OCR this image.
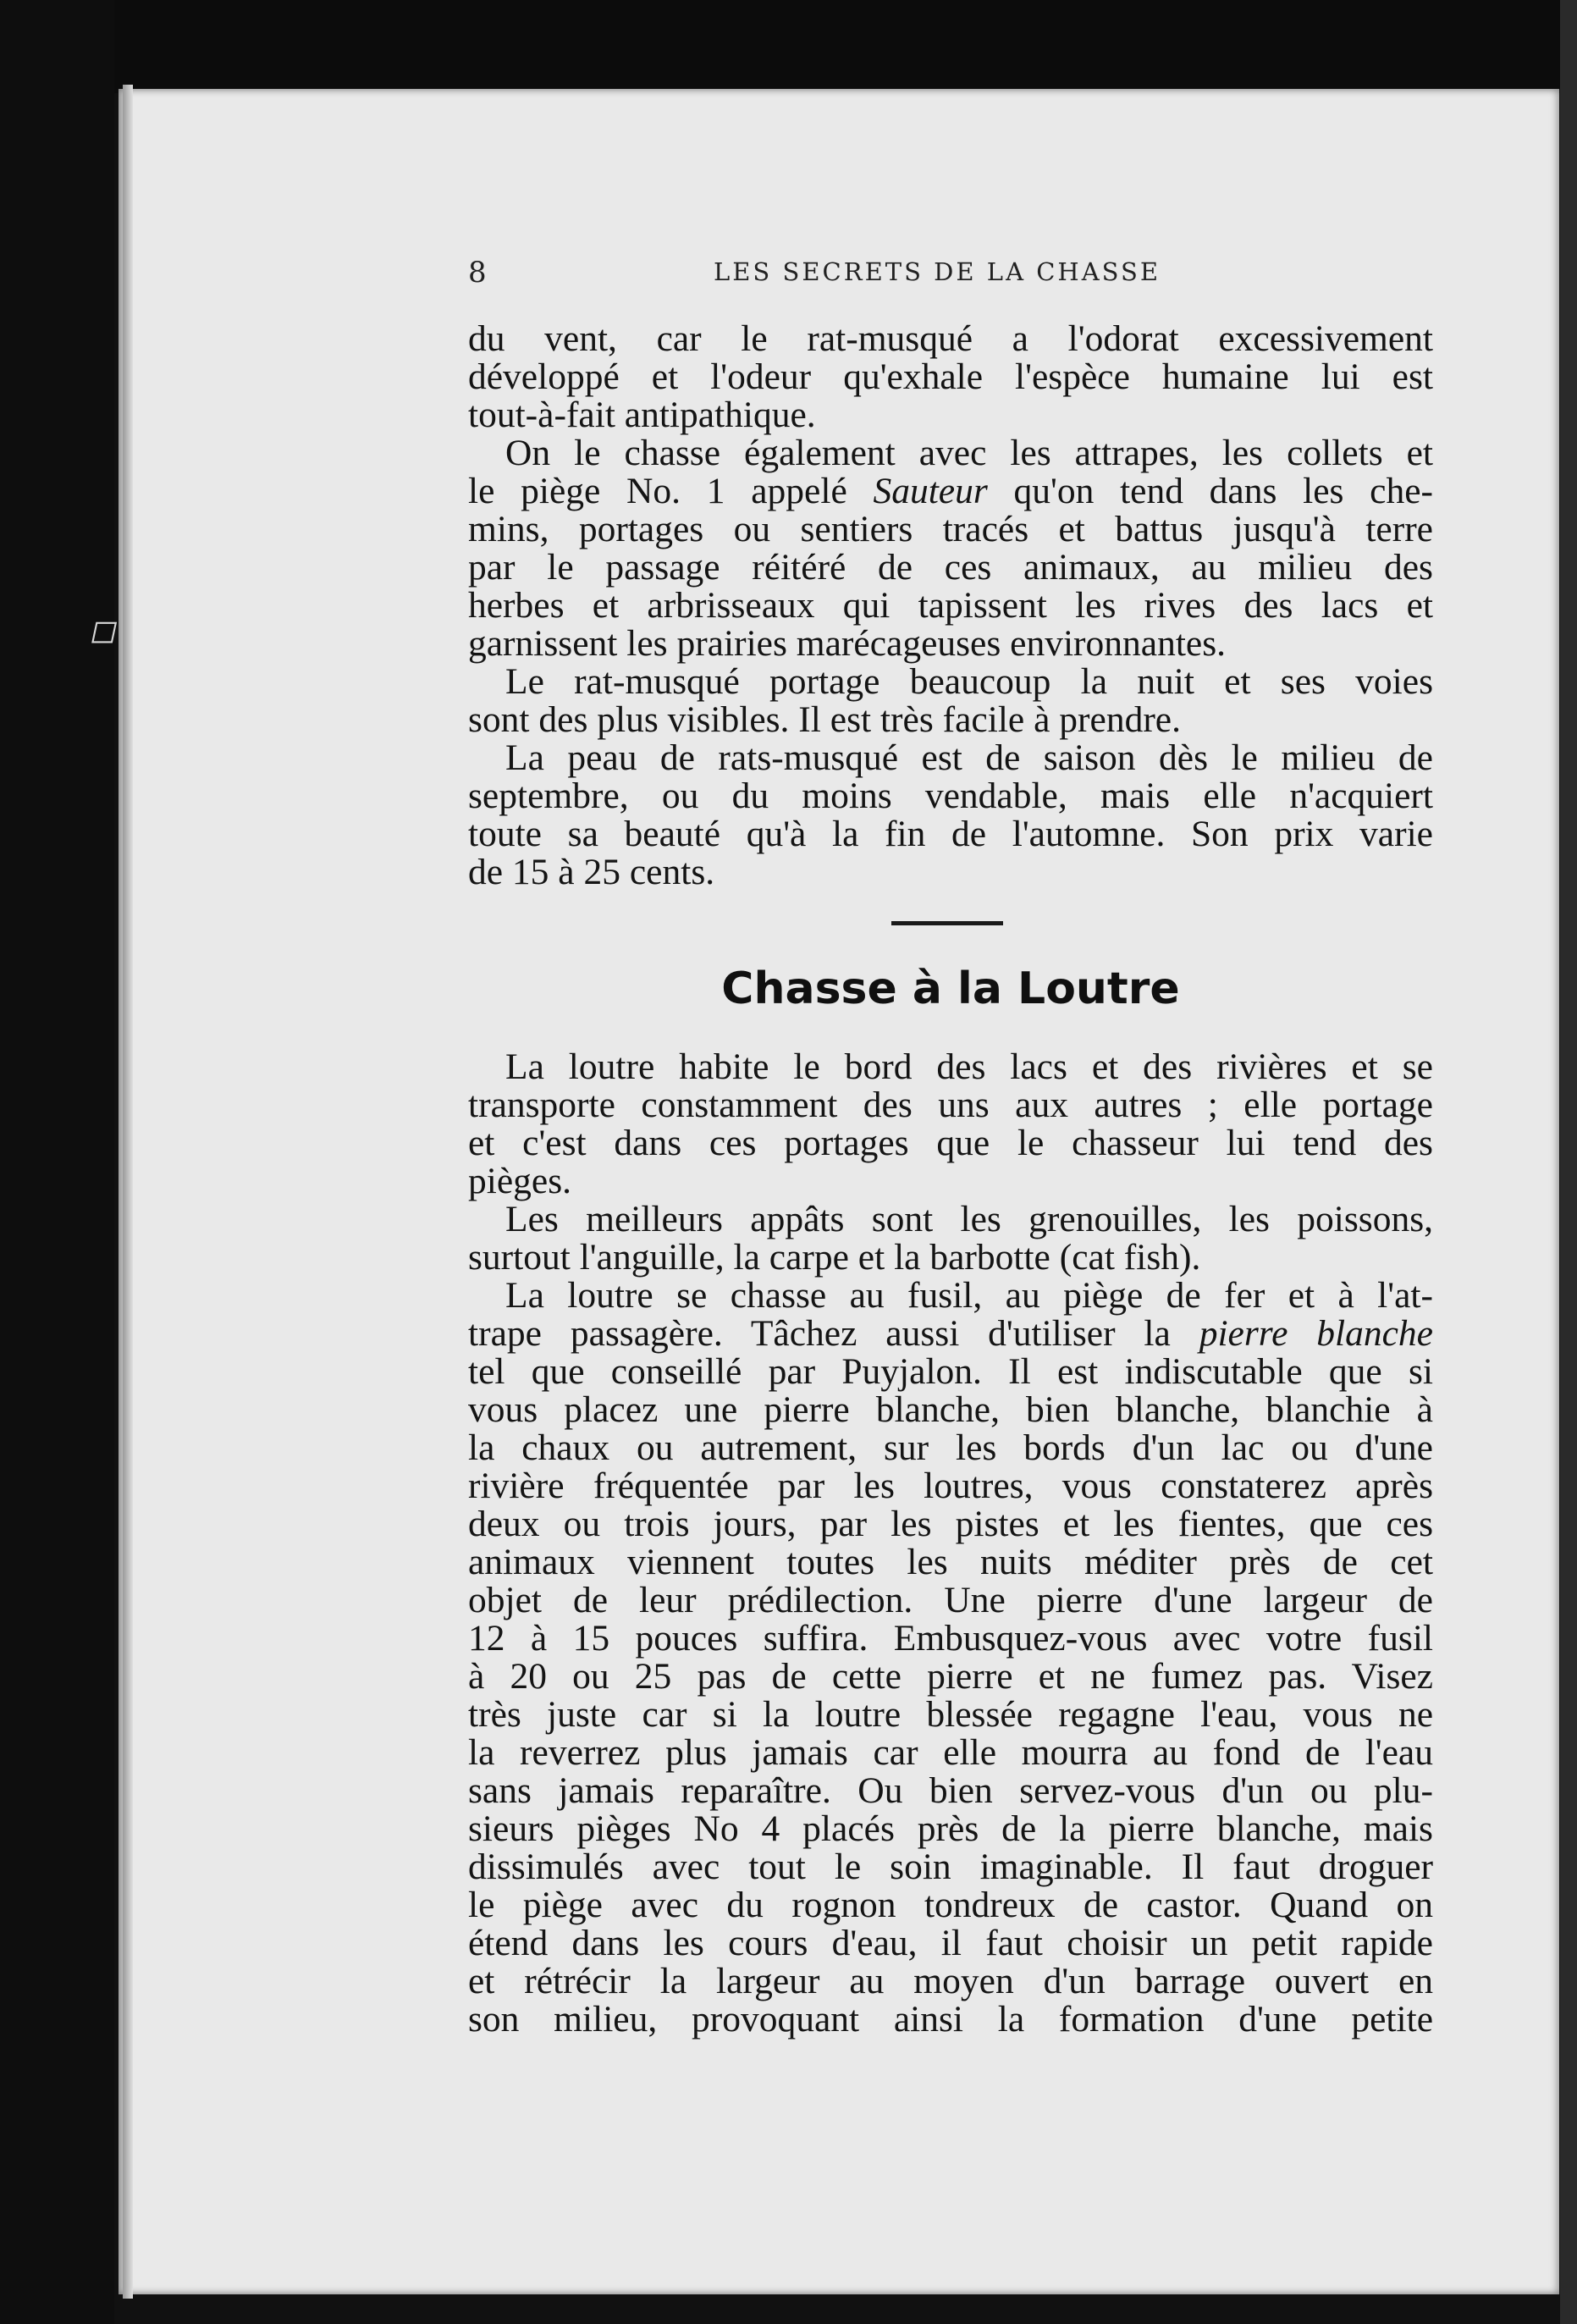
◻
8	LES SECRETS DE LA CHASSE
du vent, car le rat-musqué a l'odorat excessivement
développé et l'odeur qu'exhale l'espèce humaine lui est
tout-à-fait antipathique.
On le chasse également avec les attrapes, les collets et
le piège No. 1 appelé Sauteur qu'on tend dans les che-
mins, portages ou sentiers tracés et battus jusqu'à terre
par le passage réitéré de ces animaux, au milieu des
herbes et arbrisseaux qui tapissent les rives des lacs et
garnissent les prairies marécageuses environnantes.
Le rat-musqué portage beaucoup la nuit et ses voies
sont des plus visibles. Il est très facile à prendre.
La peau de rats-musqué est de saison dès le milieu de
septembre, ou du moins vendable, mais elle n'acquiert
toute sa beauté qu'à la fin de l'automne. Son prix varie
de 15 à 25 cents.
Chasse à la Loutre
La loutre habite le bord des lacs et des rivières et se
transporte constamment des uns aux autres ; elle portage
et c'est dans ces portages que le chasseur lui tend des
pièges.
Les meilleurs appâts sont les grenouilles, les poissons,
surtout l'anguille, la carpe et la barbotte (cat fish).
La loutre se chasse au fusil, au piège de fer et à l'at-
trape passagère. Tâchez aussi d'utiliser la pierre blanche
tel que conseillé par Puyjalon. Il est indiscutable que si
vous placez une pierre blanche, bien blanche, blanchie à
la chaux ou autrement, sur les bords d'un lac ou d'une
rivière fréquentée par les loutres, vous constaterez après
deux ou trois jours, par les pistes et les fientes, que ces
animaux viennent toutes les nuits méditer près de cet
objet de leur prédilection. Une pierre d'une largeur de
12 à 15 pouces suffira. Embusquez-vous avec votre fusil
à 20 ou 25 pas de cette pierre et ne fumez pas. Visez
très juste car si la loutre blessée regagne l'eau, vous ne
la reverrez plus jamais car elle mourra au fond de l'eau
sans jamais reparaître. Ou bien servez-vous d'un ou plu-
sieurs pièges No 4 placés près de la pierre blanche, mais
dissimulés avec tout le soin imaginable. Il faut droguer
le piège avec du rognon tondreux de castor. Quand on
étend dans les cours d'eau, il faut choisir un petit rapide
et rétrécir la largeur au moyen d'un barrage ouvert en
son milieu, provoquant ainsi la formation d'une petite
